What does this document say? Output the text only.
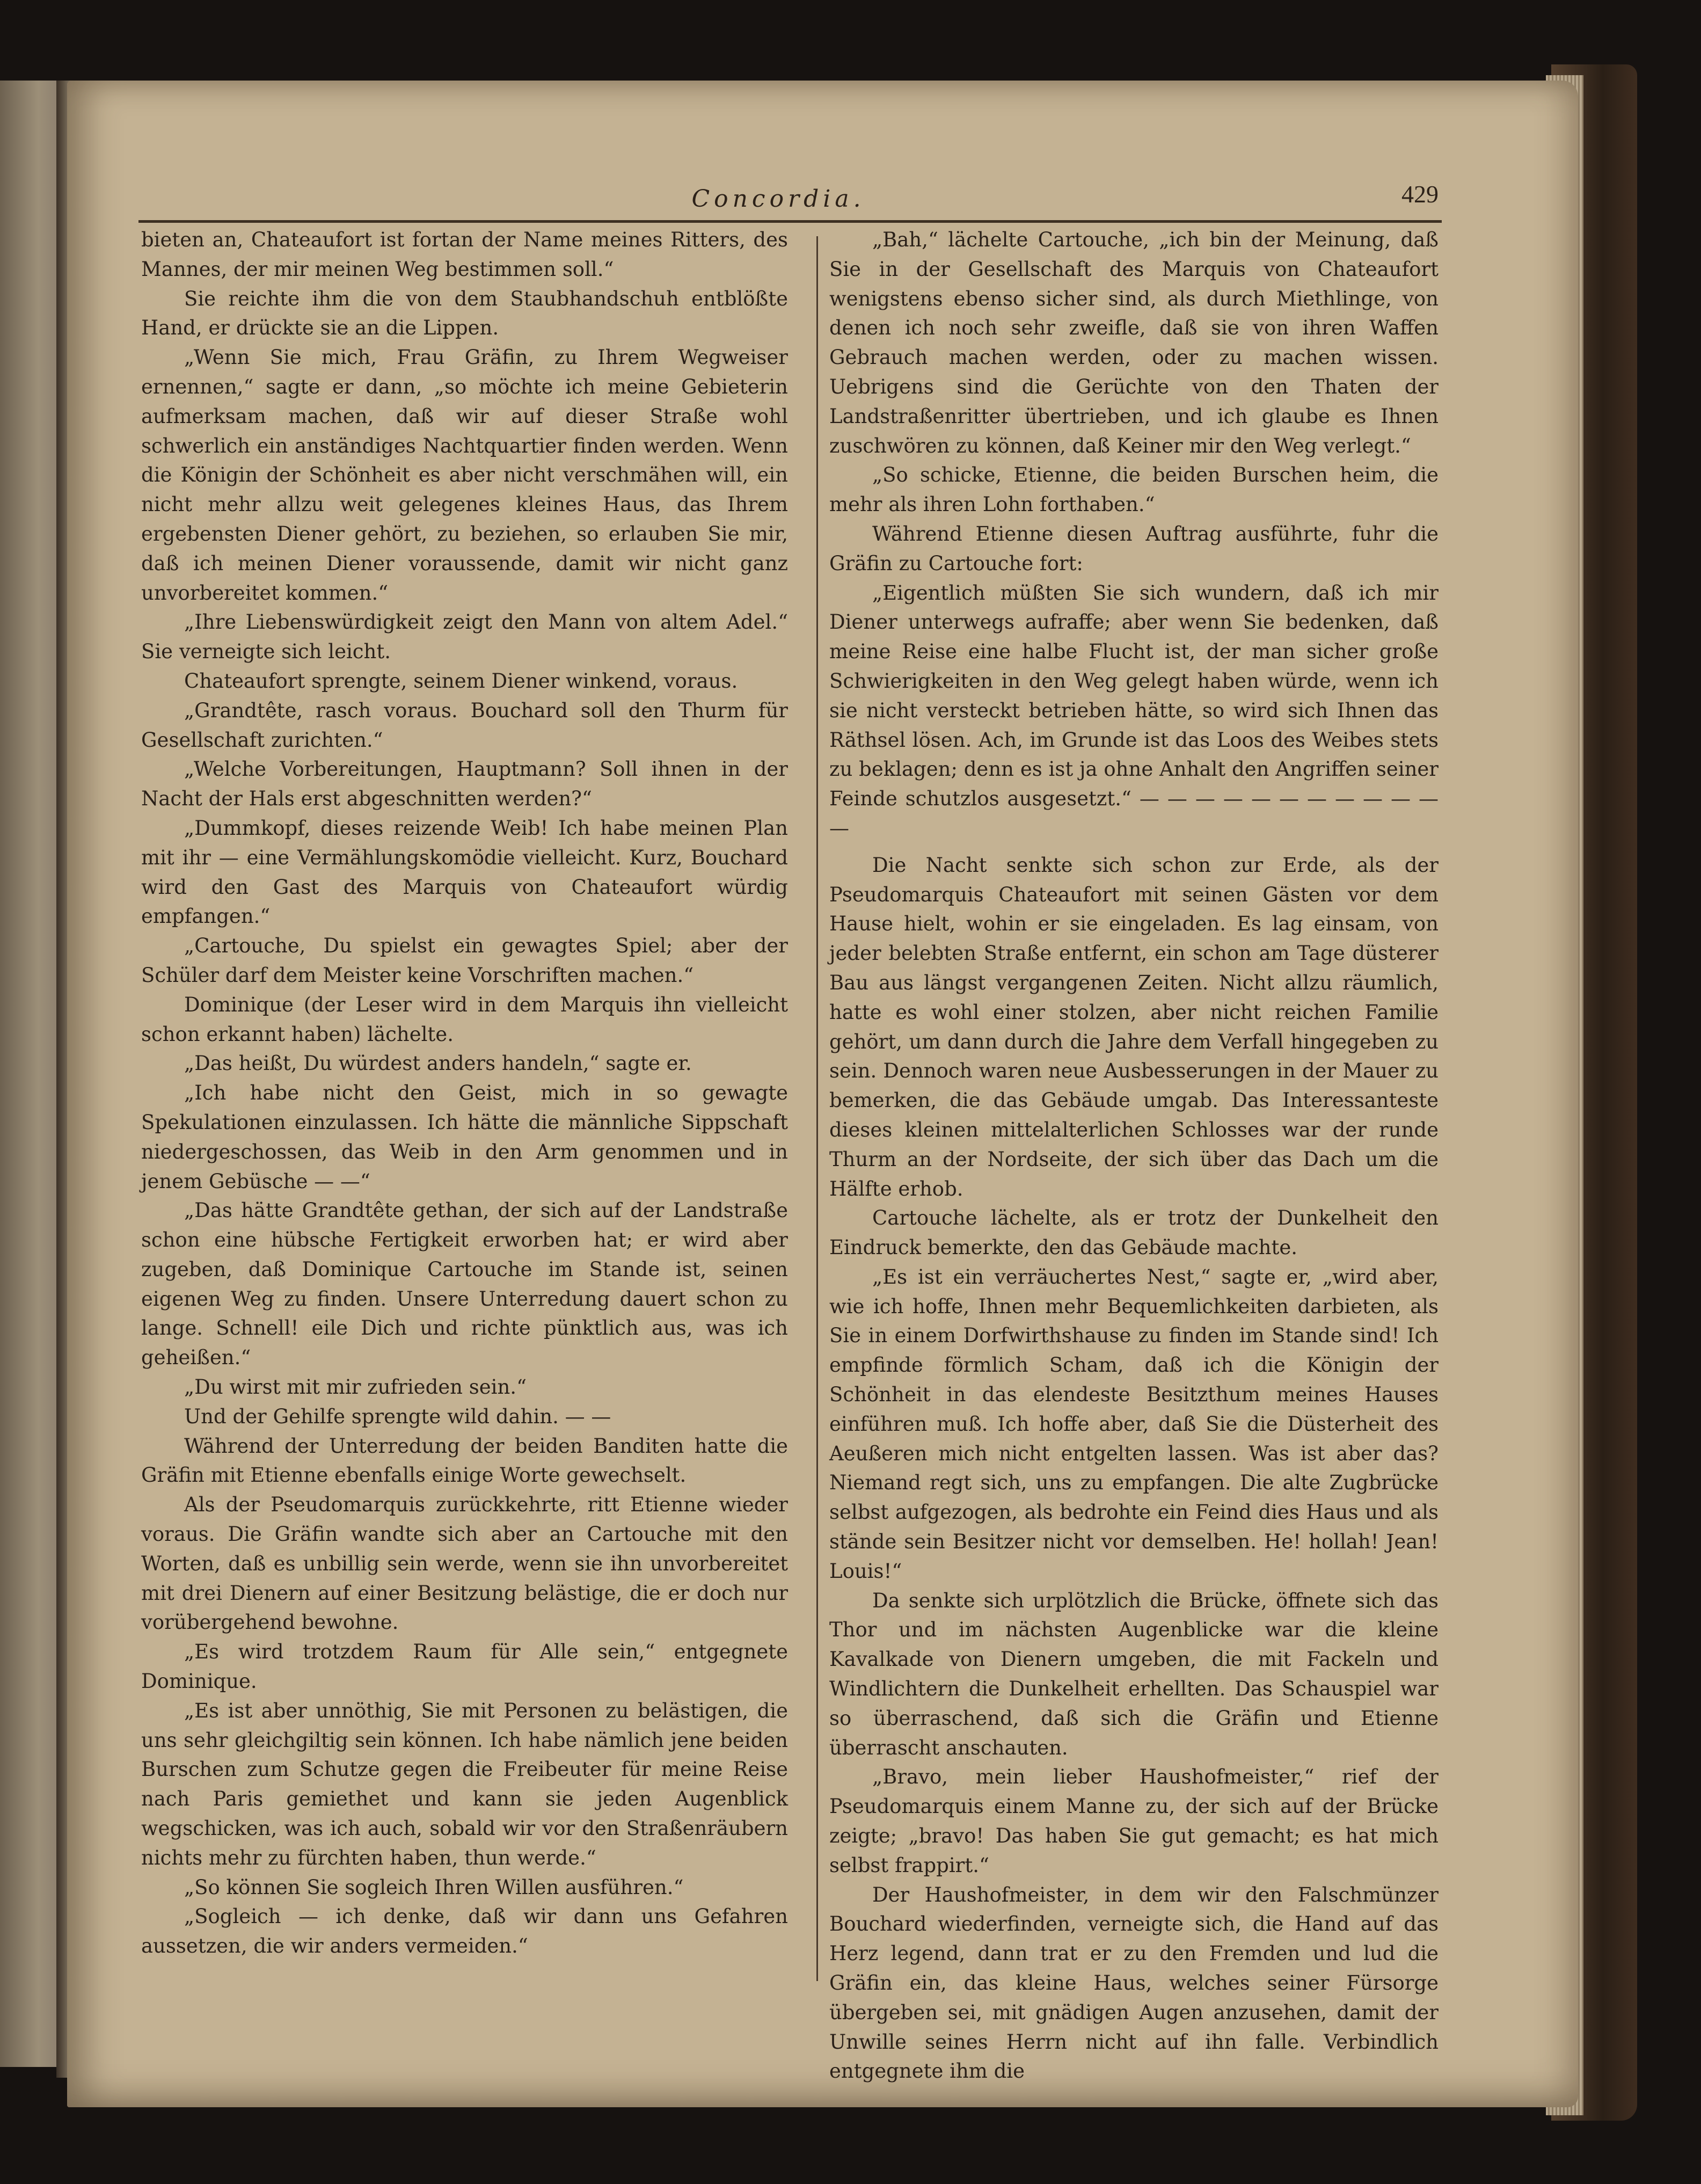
Concordia.	429

bieten an, Chateaufort ist fortan der Name meines Ritters, des Mannes, der mir meinen Weg bestimmen soll.“

Sie reichte ihm die von dem Staubhandschuh entblößte Hand, er drückte sie an die Lippen.

„Wenn Sie mich, Frau Gräfin, zu Ihrem Wegweiser ernennen,“ sagte er dann, „so möchte ich meine Gebieterin aufmerksam machen, daß wir auf dieser Straße wohl schwerlich ein anständiges Nachtquartier finden werden. Wenn die Königin der Schönheit es aber nicht verschmähen will, ein nicht mehr allzu weit gelegenes kleines Haus, das Ihrem ergebensten Diener gehört, zu beziehen, so erlauben Sie mir, daß ich meinen Diener voraussende, damit wir nicht ganz unvorbereitet kommen.“

„Ihre Liebenswürdigkeit zeigt den Mann von altem Adel.“ Sie verneigte sich leicht.

Chateaufort sprengte, seinem Diener winkend, voraus.

„Grandtête, rasch voraus. Bouchard soll den Thurm für Gesellschaft zurichten.“

„Welche Vorbereitungen, Hauptmann? Soll ihnen in der Nacht der Hals erst abgeschnitten werden?“

„Dummkopf, dieses reizende Weib! Ich habe meinen Plan mit ihr — eine Vermählungskomödie vielleicht. Kurz, Bouchard wird den Gast des Marquis von Chateaufort würdig empfangen.“

„Cartouche, Du spielst ein gewagtes Spiel; aber der Schüler darf dem Meister keine Vorschriften machen.“

Dominique (der Leser wird in dem Marquis ihn vielleicht schon erkannt haben) lächelte.

„Das heißt, Du würdest anders handeln,“ sagte er.

„Ich habe nicht den Geist, mich in so gewagte Spekulationen einzulassen. Ich hätte die männliche Sippschaft niedergeschossen, das Weib in den Arm genommen und in jenem Gebüsche — —“

„Das hätte Grandtête gethan, der sich auf der Landstraße schon eine hübsche Fertigkeit erworben hat; er wird aber zugeben, daß Dominique Cartouche im Stande ist, seinen eigenen Weg zu finden. Unsere Unterredung dauert schon zu lange. Schnell! eile Dich und richte pünktlich aus, was ich geheißen.“

„Du wirst mit mir zufrieden sein.“

Und der Gehilfe sprengte wild dahin. — —

Während der Unterredung der beiden Banditen hatte die Gräfin mit Etienne ebenfalls einige Worte gewechselt.

Als der Pseudomarquis zurückkehrte, ritt Etienne wieder voraus. Die Gräfin wandte sich aber an Cartouche mit den Worten, daß es unbillig sein werde, wenn sie ihn unvorbereitet mit drei Dienern auf einer Besitzung belästige, die er doch nur vorübergehend bewohne.

„Es wird trotzdem Raum für Alle sein,“ entgegnete Dominique.

„Es ist aber unnöthig, Sie mit Personen zu belästigen, die uns sehr gleichgiltig sein können. Ich habe nämlich jene beiden Burschen zum Schutze gegen die Freibeuter für meine Reise nach Paris gemiethet und kann sie jeden Augenblick wegschicken, was ich auch, sobald wir vor den Straßenräubern nichts mehr zu fürchten haben, thun werde.“

„So können Sie sogleich Ihren Willen ausführen.“

„Sogleich — ich denke, daß wir dann uns Gefahren aussetzen, die wir anders vermeiden.“

„Bah,“ lächelte Cartouche, „ich bin der Meinung, daß Sie in der Gesellschaft des Marquis von Chateaufort wenigstens ebenso sicher sind, als durch Miethlinge, von denen ich noch sehr zweifle, daß sie von ihren Waffen Gebrauch machen werden, oder zu machen wissen. Uebrigens sind die Gerüchte von den Thaten der Landstraßenritter übertrieben, und ich glaube es Ihnen zuschwören zu können, daß Keiner mir den Weg verlegt.“

„So schicke, Etienne, die beiden Burschen heim, die mehr als ihren Lohn forthaben.“

Während Etienne diesen Auftrag ausführte, fuhr die Gräfin zu Cartouche fort:

„Eigentlich müßten Sie sich wundern, daß ich mir Diener unterwegs aufraffe; aber wenn Sie bedenken, daß meine Reise eine halbe Flucht ist, der man sicher große Schwierigkeiten in den Weg gelegt haben würde, wenn ich sie nicht versteckt betrieben hätte, so wird sich Ihnen das Räthsel lösen. Ach, im Grunde ist das Loos des Weibes stets zu beklagen; denn es ist ja ohne Anhalt den Angriffen seiner Feinde schutzlos ausgesetzt.“ — — — — — — — — — — — —

Die Nacht senkte sich schon zur Erde, als der Pseudomarquis Chateaufort mit seinen Gästen vor dem Hause hielt, wohin er sie eingeladen. Es lag einsam, von jeder belebten Straße entfernt, ein schon am Tage düsterer Bau aus längst vergangenen Zeiten. Nicht allzu räumlich, hatte es wohl einer stolzen, aber nicht reichen Familie gehört, um dann durch die Jahre dem Verfall hingegeben zu sein. Dennoch waren neue Ausbesserungen in der Mauer zu bemerken, die das Gebäude umgab. Das Interessanteste dieses kleinen mittelalterlichen Schlosses war der runde Thurm an der Nordseite, der sich über das Dach um die Hälfte erhob.

Cartouche lächelte, als er trotz der Dunkelheit den Eindruck bemerkte, den das Gebäude machte.

„Es ist ein verräuchertes Nest,“ sagte er, „wird aber, wie ich hoffe, Ihnen mehr Bequemlichkeiten darbieten, als Sie in einem Dorfwirthshause zu finden im Stande sind! Ich empfinde förmlich Scham, daß ich die Königin der Schönheit in das elendeste Besitzthum meines Hauses einführen muß. Ich hoffe aber, daß Sie die Düsterheit des Aeußeren mich nicht entgelten lassen. Was ist aber das? Niemand regt sich, uns zu empfangen. Die alte Zugbrücke selbst aufgezogen, als bedrohte ein Feind dies Haus und als stände sein Besitzer nicht vor demselben. He! hollah! Jean! Louis!“

Da senkte sich urplötzlich die Brücke, öffnete sich das Thor und im nächsten Augenblicke war die kleine Kavalkade von Dienern umgeben, die mit Fackeln und Windlichtern die Dunkelheit erhellten. Das Schauspiel war so überraschend, daß sich die Gräfin und Etienne überrascht anschauten.

„Bravo, mein lieber Haushofmeister,“ rief der Pseudomarquis einem Manne zu, der sich auf der Brücke zeigte; „bravo! Das haben Sie gut gemacht; es hat mich selbst frappirt.“

Der Haushofmeister, in dem wir den Falschmünzer Bouchard wiederfinden, verneigte sich, die Hand auf das Herz legend, dann trat er zu den Fremden und lud die Gräfin ein, das kleine Haus, welches seiner Fürsorge übergeben sei, mit gnädigen Augen anzusehen, damit der Unwille seines Herrn nicht auf ihn falle. Verbindlich entgegnete ihm die
